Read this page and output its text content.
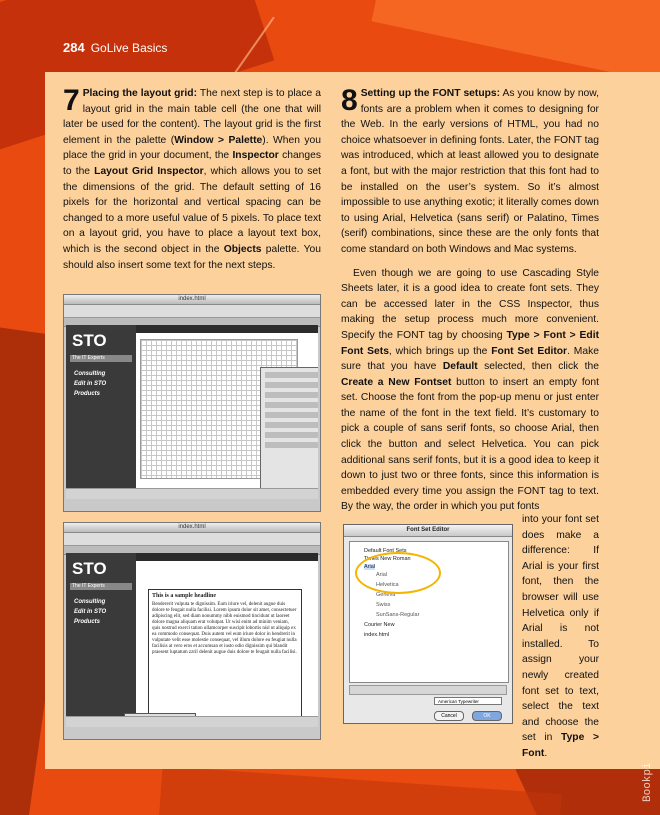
284 GoLive Basics

7 Placing the layout grid: The next step is to place a layout grid in the main table cell (the one that will later be used for the content). The layout grid is the first element in the palette (Window > Palette). When you place the grid in your document, the Inspector changes to the Layout Grid Inspector, which allows you to set the dimensions of the grid. The default setting of 16 pixels for the horizontal and vertical spacing can be changed to a more useful value of 5 pixels. To place text on a layout grid, you have to place a layout text box, which is the second object in the Objects palette. You should also insert some text for the next steps.

8 Setting up the FONT setups: As you know by now, fonts are a problem when it comes to designing for the Web. In the early versions of HTML, you had no choice whatsoever in defining fonts. Later, the FONT tag was introduced, which at least allowed you to designate a font, but with the major restriction that this font had to be installed on the user’s system. So it’s almost impossible to use anything exotic; it literally comes down to using Arial, Helvetica (sans serif) or Palatino, Times (serif) combinations, since these are the only fonts that come standard on both Windows and Mac systems.

Even though we are going to use Cascading Style Sheets later, it is a good idea to create font sets. They can be accessed later in the CSS Inspector, thus making the setup process much more convenient. Specify the FONT tag by choosing Type > Font > Edit Font Sets, which brings up the Font Set Editor. Make sure that you have Default selected, then click the Create a New Fontset button to insert an empty font set. Choose the font from the pop-up menu or just enter the name of the font in the text field. It’s customary to pick a couple of sans serif fonts, so choose Arial, then click the button and select Helvetica. You can pick additional sans serif fonts, but it is a good idea to keep it down to just two or three fonts, since this information is embedded every time you assign the FONT tag to text. By the way, the order in which you put fonts

into your font set does make a difference: If Arial is your first font, then the browser will use Helvetica only if Arial is not installed. To assign your newly created font set to text, select the text and choose the set in Type > Font.

index.html
STO
The IT Experts
Consulting
Edit in STO
Products
index.html
STO
The IT Experts
Consulting
Edit in STO
Products
This is a sample headline
Bendererit vulputa te dignissim. Eum iriure vel, delenit augue duis dolore te feugait nulla facilisi. Lorem ipsum dolor sit amet, consectetuer adipiscing elit, sed diam nonummy nibh euismod tincidunt ut laoreet dolore magna aliquam erat volutpat. Ut wisi enim ad minim veniam, quis nostrud exerci tation ullamcorper suscipit lobortis nisl ut aliquip ex ea commodo consequat. Duis autem vel eum iriure dolor in hendrerit in vulputate velit esse molestie consequat, vel illum dolore eu feugiat nulla facilisis at vero eros et accumsan et iusto odio dignissim qui blandit praesent luptatum zzril delenit augue duis dolore te feugait nulla facilisi.
Font Set Editor
Default Font Sets
Times New Roman
Arial
Arial
Helvetica
Geneva
Swiss
SunSans-Regular
Courier New
index.html
American Typewriter
Cancel	OK
Bookpi
